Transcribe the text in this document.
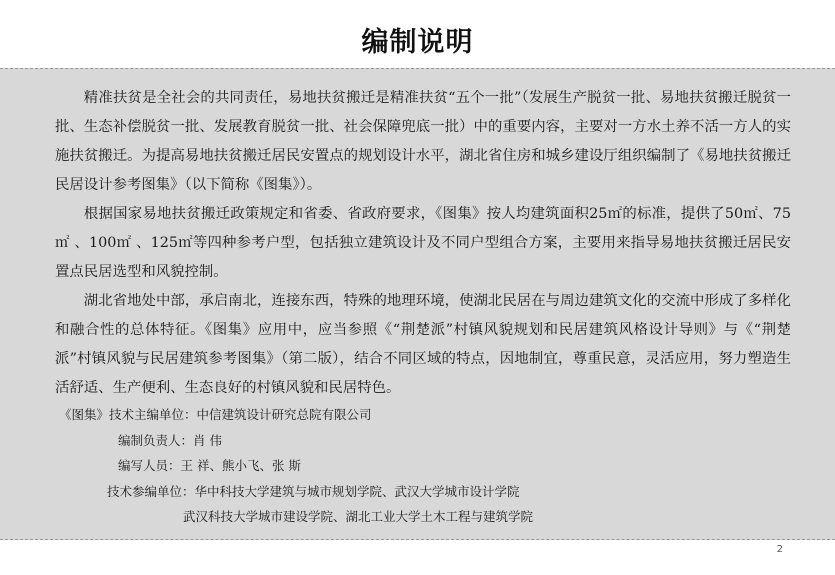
编制说明

精准扶贫是全社会的共同责任，易地扶贫搬迁是精准扶贫“五个一批”（发展生产脱贫一批、易地扶贫搬迁脱贫一批、生态补偿脱贫一批、发展教育脱贫一批、社会保障兜底一批）中的重要内容，主要对一方水土养不活一方人的实施扶贫搬迁。为提高易地扶贫搬迁居民安置点的规划设计水平，湖北省住房和城乡建设厅组织编制了《易地扶贫搬迁民居设计参考图集》（以下简称《图集》）。

根据国家易地扶贫搬迁政策规定和省委、省政府要求，《图集》按人均建筑面积25㎡的标准，提供了50㎡、75㎡ 、100㎡ 、125㎡等四种参考户型，包括独立建筑设计及不同户型组合方案，主要用来指导易地扶贫搬迁居民安置点民居选型和风貌控制。

湖北省地处中部，承启南北，连接东西，特殊的地理环境，使湖北民居在与周边建筑文化的交流中形成了多样化和融合性的总体特征。《图集》应用中，应当参照《“荆楚派”村镇风貌规划和民居建筑风格设计导则》与《“荆楚派”村镇风貌与民居建筑参考图集》（第二版），结合不同区域的特点，因地制宜，尊重民意，灵活应用，努力塑造生活舒适、生产便利、生态良好的村镇风貌和民居特色。

《图集》技术主编单位：中信建筑设计研究总院有限公司
编制负责人：肖 伟
编写人员：王 祥、熊小飞、张 斯
技术参编单位：华中科技大学建筑与城市规划学院、武汉大学城市设计学院
武汉科技大学城市建设学院、湖北工业大学土木工程与建筑学院
2
